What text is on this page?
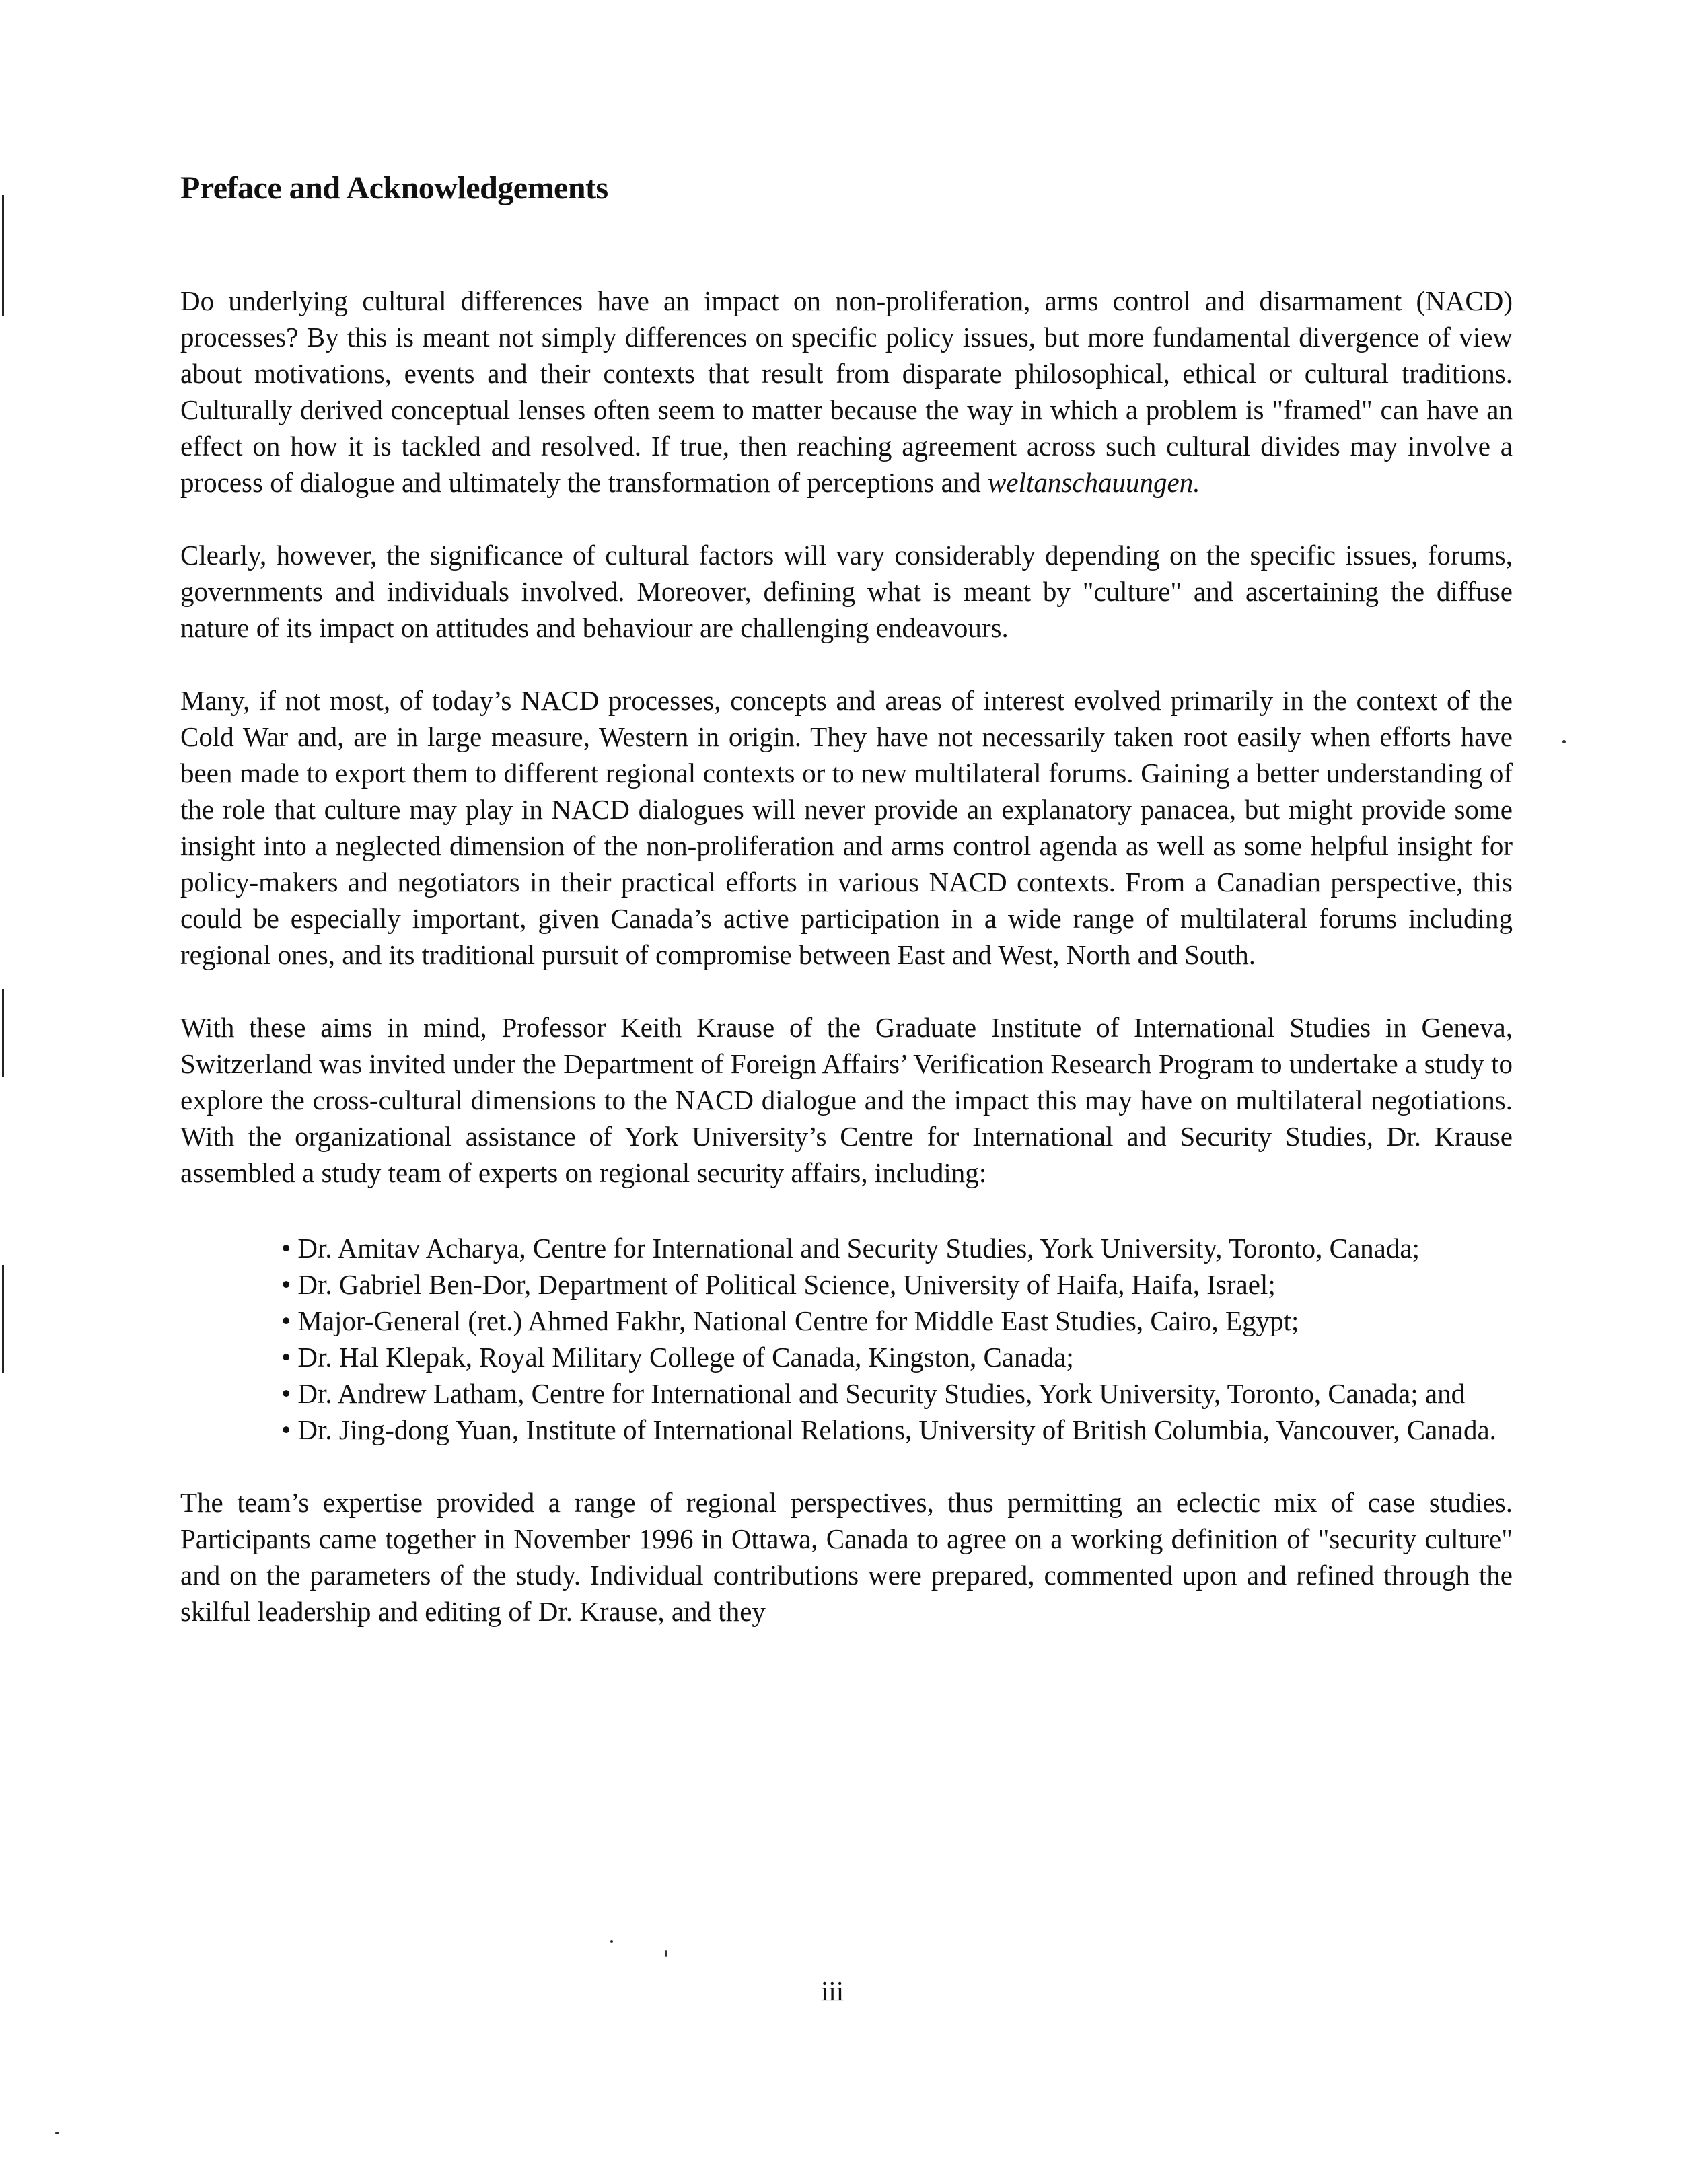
Preface and Acknowledgements

Do underlying cultural differences have an impact on non-proliferation, arms control and disarmament (NACD) processes? By this is meant not simply differences on specific policy issues, but more fundamental divergence of view about motivations, events and their contexts that result from disparate philosophical, ethical or cultural traditions. Culturally derived conceptual lenses often seem to matter because the way in which a problem is "framed" can have an effect on how it is tackled and resolved. If true, then reaching agreement across such cultural divides may involve a process of dialogue and ultimately the transformation of perceptions and weltanschauungen.

Clearly, however, the significance of cultural factors will vary considerably depending on the specific issues, forums, governments and individuals involved. Moreover, defining what is meant by "culture" and ascertaining the diffuse nature of its impact on attitudes and behaviour are challenging endeavours.

Many, if not most, of today’s NACD processes, concepts and areas of interest evolved primarily in the context of the Cold War and, are in large measure, Western in origin. They have not necessarily taken root easily when efforts have been made to export them to different regional contexts or to new multilateral forums. Gaining a better understanding of the role that culture may play in NACD dialogues will never provide an explanatory panacea, but might provide some insight into a neglected dimension of the non-proliferation and arms control agenda as well as some helpful insight for policy-makers and negotiators in their practical efforts in various NACD contexts. From a Canadian perspective, this could be especially important, given Canada’s active participation in a wide range of multilateral forums including regional ones, and its traditional pursuit of compromise between East and West, North and South.

With these aims in mind, Professor Keith Krause of the Graduate Institute of International Studies in Geneva, Switzerland was invited under the Department of Foreign Affairs’ Verification Research Program to undertake a study to explore the cross-cultural dimensions to the NACD dialogue and the impact this may have on multilateral negotiations. With the organizational assistance of York University’s Centre for International and Security Studies, Dr. Krause assembled a study team of experts on regional security affairs, including:

• Dr. Amitav Acharya, Centre for International and Security Studies, York University, Toronto, Canada;
• Dr. Gabriel Ben-Dor, Department of Political Science, University of Haifa, Haifa, Israel;
• Major-General (ret.) Ahmed Fakhr, National Centre for Middle East Studies, Cairo, Egypt;
• Dr. Hal Klepak, Royal Military College of Canada, Kingston, Canada;
• Dr. Andrew Latham, Centre for International and Security Studies, York University, Toronto, Canada; and
• Dr. Jing-dong Yuan, Institute of International Relations, University of British Columbia, Vancouver, Canada.

The team’s expertise provided a range of regional perspectives, thus permitting an eclectic mix of case studies. Participants came together in November 1996 in Ottawa, Canada to agree on a working definition of "security culture" and on the parameters of the study. Individual contributions were prepared, commented upon and refined through the skilful leadership and editing of Dr. Krause, and they

iii
